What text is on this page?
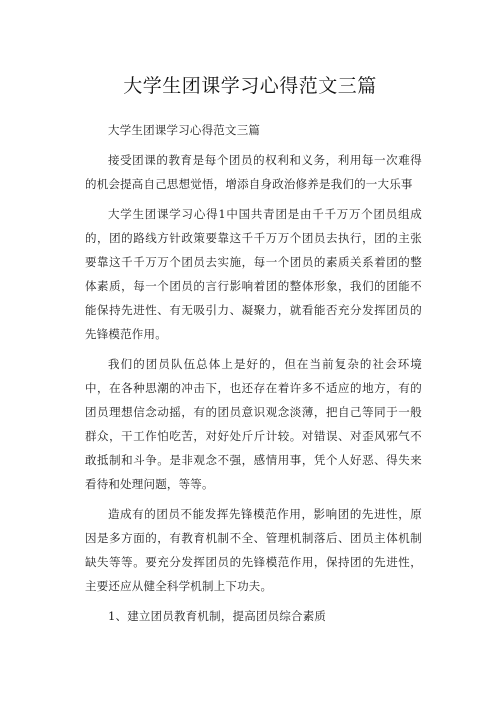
大学生团课学习心得范文三篇

大学生团课学习心得范文三篇

接受团课的教育是每个团员的权利和义务，利用每一次难得的机会提高自己思想觉悟，增添自身政治修养是我们的一大乐事

大学生团课学习心得1中国共青团是由千千万万个团员组成的，团的路线方针政策要靠这千千万万个团员去执行，团的主张要靠这千千万万个团员去实施，每一个团员的素质关系着团的整体素质，每一个团员的言行影响着团的整体形象，我们的团能不能保持先进性、有无吸引力、凝聚力，就看能否充分发挥团员的先锋模范作用。

我们的团员队伍总体上是好的，但在当前复杂的社会环境中，在各种思潮的冲击下，也还存在着许多不适应的地方，有的团员理想信念动摇，有的团员意识观念淡薄，把自己等同于一般群众，干工作怕吃苦，对好处斤斤计较。对错误、对歪风邪气不敢抵制和斗争。是非观念不强，感情用事，凭个人好恶、得失来看待和处理问题，等等。

造成有的团员不能发挥先锋模范作用，影响团的先进性，原因是多方面的，有教育机制不全、管理机制落后、团员主体机制缺失等等。要充分发挥团员的先锋模范作用，保持团的先进性，主要还应从健全科学机制上下功夫。

1、建立团员教育机制，提高团员综合素质
